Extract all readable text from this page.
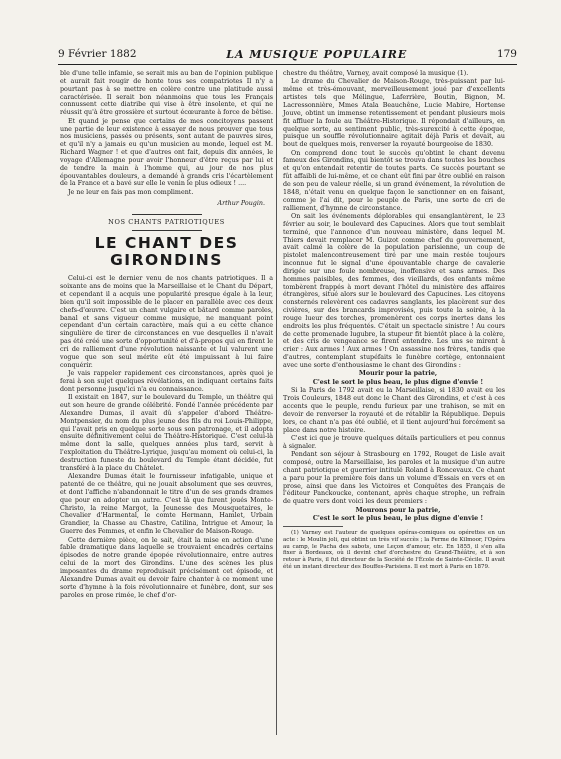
9 Février 1882	LA MUSIQUE POPULAIRE	179

ble d'une telle infamie, se serait mis au ban de l'opinion publique et aurait fait rougir de honte tous ses compatriotes Il n'y a pourtant pas à se mettre en colère contre une platitude aussi caractérisée. Il serait bon néanmoins que tous les Français connussent cette diatribe qui vise à être insolente, et qui ne réussit qu'à être grossière et surtout écœurante à force de bêtise.

Et quand je pense que certains de mes concitoyens passent une partie de leur existence à essayer de nous prouver que tous nos musiciens, passés ou présents, sont autant de pauvres sires, et qu'il n'y a jamais eu qu'un musicien au monde, lequel est M. Richard Wagner ! et que d'autres ont fait, depuis dix années, le voyage d'Allemagne pour avoir l'honneur d'être reçus par lui et de tendre la main à l'homme qui, au jour de nos plus épouvantables douleurs, a demandé à grands cris l'écartèlement de la France et a bavé sur elle le venin le plus odieux ! ....

Je ne leur en fais pas mon compliment.

Arthur Pougin.
NOS CHANTS PATRIOTIQUES
LE CHANT DES GIRONDINS

Celui-ci est le dernier venu de nos chants patriotiques. Il a soixante ans de moins que la Marseillaise et le Chant du Départ, et cependant il a acquis une popularité presque égale à la leur, bien qu'il soit impossible de le placer en parallèle avec ces deux chefs-d'œuvre. C'est un chant vulgaire et bâtard comme paroles, banal et sans vigueur comme musique, ne manquant point cependant d'un certain caractère, mais qui a eu cette chance singulière de tirer de circonstances en vue desquelles il n'avait pas été créé une sorte d'opportunité et d'à-propos qui en firent le cri de ralliement d'une révolution naissante et lui valurent une vogue que son seul mérite eût été impuissant à lui faire conquérir.

Je vais rappeler rapidement ces circonstances, après quoi je ferai à son sujet quelques révélations, en indiquant certains faits dont personne jusqu'ici n'a eu connaissance.

Il existait en 1847, sur le boulevard du Temple, un théâtre qui eut son heure de grande célébrité. Fondé l'année précédente par Alexandre Dumas, il avait dû s'appeler d'abord Théâtre-Montpensier, du nom du plus jeune des fils du roi Louis-Philippe, qui l'avait pris en quelque sorte sous son patronage, et il adopta ensuite définitivement celui de Théâtre-Historique. C'est celui-là même dont la salle, quelques années plus tard, servit à l'exploitation du Théâtre-Lyrique, jusqu'au moment où celui-ci, la destruction funeste du boulevard du Temple étant décidée, fut transféré à la place du Châtelet.

Alexandre Dumas était le fournisseur infatigable, unique et patenté de ce théâtre, qui ne jouait absolument que ses œuvres, et dont l'affiche n'abandonnait le titre d'un de ses grands drames que pour en adopter un autre. C'est là que furent joués Monte-Christo, la reine Margot, la Jeunesse des Mousquetaires, le Chevalier d'Harmental, le comte Hermann, Hamlet, Urbain Grandier, la Chasse au Chastre, Catilina, Intrigue et Amour, la Guerre des Femmes, et enfin le Chevalier de Maison-Rouge.

Cette dernière pièce, on le sait, était la mise en action d'une fable dramatique dans laquelle se trouvaient encadrés certains épisodes de notre grande épopée révolutionnaire, entre autres celui de la mort des Girondins. L'une des scènes les plus imposantes du drame reproduisait précisément cet épisode, et Alexandre Dumas avait eu devoir faire chanter à ce moment une sorte d'hymne à la fois révolutionnaire et funèbre, dont, sur ses paroles en prose rimée, le chef d'or-

chestre du théâtre, Varney, avait composé la musique (1).

Le drame du Chevalier de Maison-Rouge, très-puissant par lui-même et très-émouvant, merveilleusement joué par d'excellents artistes tels que Mélingue, Laferrière, Boutin, Bignon, M. Lacressonnière, Mmes Atala Beauchêne, Lucie Mabire, Hortense Jouve, obtint un immense retentissement et pendant plusieurs mois fit affluer la foule au Théâtre-Historique. Il répondait d'ailleurs, en quelque sorte, au sentiment public, très-surexcité à cette époque, puisque un souffle révolutionnaire agitait déjà Paris et devait, au bout de quelques mois, renverser la royauté bourgeoise de 1830.

On comprend donc tout le succès qu'obtint le chant devenu fameux des Girondins, qui bientôt se trouva dans toutes les bouches et qu'on entendait retentir de toutes parts. Ce succès pourtant se fût affaibli de lui-même, et ce chant eût fini par être oublié en raison de son peu de valeur réelle, si un grand événement, la révolution de 1848, n'était venu en quelque façon le sanctionner en en faisant, comme je l'ai dit, pour le peuple de Paris, une sorte de cri de ralliement, d'hymne de circonstance.

On sait les événements déplorables qui ensanglantèrent, le 23 février au soir, le boulevard des Capucines. Alors que tout semblait terminé, que l'annonce d'un nouveau ministère, dans lequel M. Thiers devait remplacer M. Guizot comme chef du gouvernement, avait calmé la colère de la population parisienne, un coup de pistolet malencontreusement tiré par une main restée toujours inconnue fut le signal d'une épouvantable charge de cavalerie dirigée sur une foule nombreuse, inoffensive et sans armes. Des hommes paisibles, des femmes, des vieillards, des enfants même tombèrent frappés à mort devant l'hôtel du ministère des affaires étrangères, situé alors sur le boulevard des Capucines. Les citoyens consternés relevèrent ces cadavres sanglants, les placèrent sur des civières, sur des brancards improvisés, puis toute la soirée, à la rouge lueur des torches, promenèrent ces corps inertes dans les endroits les plus fréquentés. C'était un spectacle sinistre ! Au cours de cette promenade lugubre, la stupeur fit bientôt place à la colère, et des cris de vengeance se firent entendre. Les uns se mirent à crier : Aux armes ! Aux armes ! On assassine nos frères, tandis que d'autres, contemplant stupéfaits le funèbre cortège, entonnaient avec une sorte d'enthousiasme le chant des Girondins :

Mourir pour la patrie,

C'est le sort le plus beau, le plus digne d'envie !

Si la Paris de 1792 avait eu la Marseillaise, si 1830 avait eu les Trois Couleurs, 1848 eut donc le Chant des Girondins, et c'est à ces accents que le peuple, rendu furieux par une trahison, se mit en devoir de renverser la royauté et de rétablir la République. Depuis lors, ce chant n'a pas été oublié, et il tient aujourd'hui forcément sa place dans notre histoire.

C'est ici que je trouve quelques détails particuliers et peu connus à signaler.

Pendant son séjour à Strasbourg en 1792, Rouget de Lisle avait composé, outre la Marseillaise, les paroles et la musique d'un autre chant patriotique et guerrier intitulé Roland à Roncevaux. Ce chant a paru pour la première fois dans un volume d'Essais en vers et en prose, ainsi que dans les Victoires et Conquêtes des Français de l'éditeur Panckoucke, contenant, après chaque strophe, un refrain de quatre vers dont voici les deux premiers :

Mourons pour la patrie,

C'est le sort le plus beau, le plus digne d'envie !

(1) Varney est l'auteur de quelques opéras-comiques ou opérettes en un acte : le Moulin joli, qui obtint un très vif succès ; la Ferme de Kilmoor, l'Opéra au camp, le Pacha des sabots, une Leçon d'amour, etc. En 1855, il s'en alla fixer à Bordeaux, où il devint chef d'orchestre du Grand-Théâtre, et à son retour à Paris, il fut directeur de la Société de l'École de Sainte-Cécile. Il avait été un instant directeur des Bouffes-Parisiens. Il est mort à Paris en 1879.
